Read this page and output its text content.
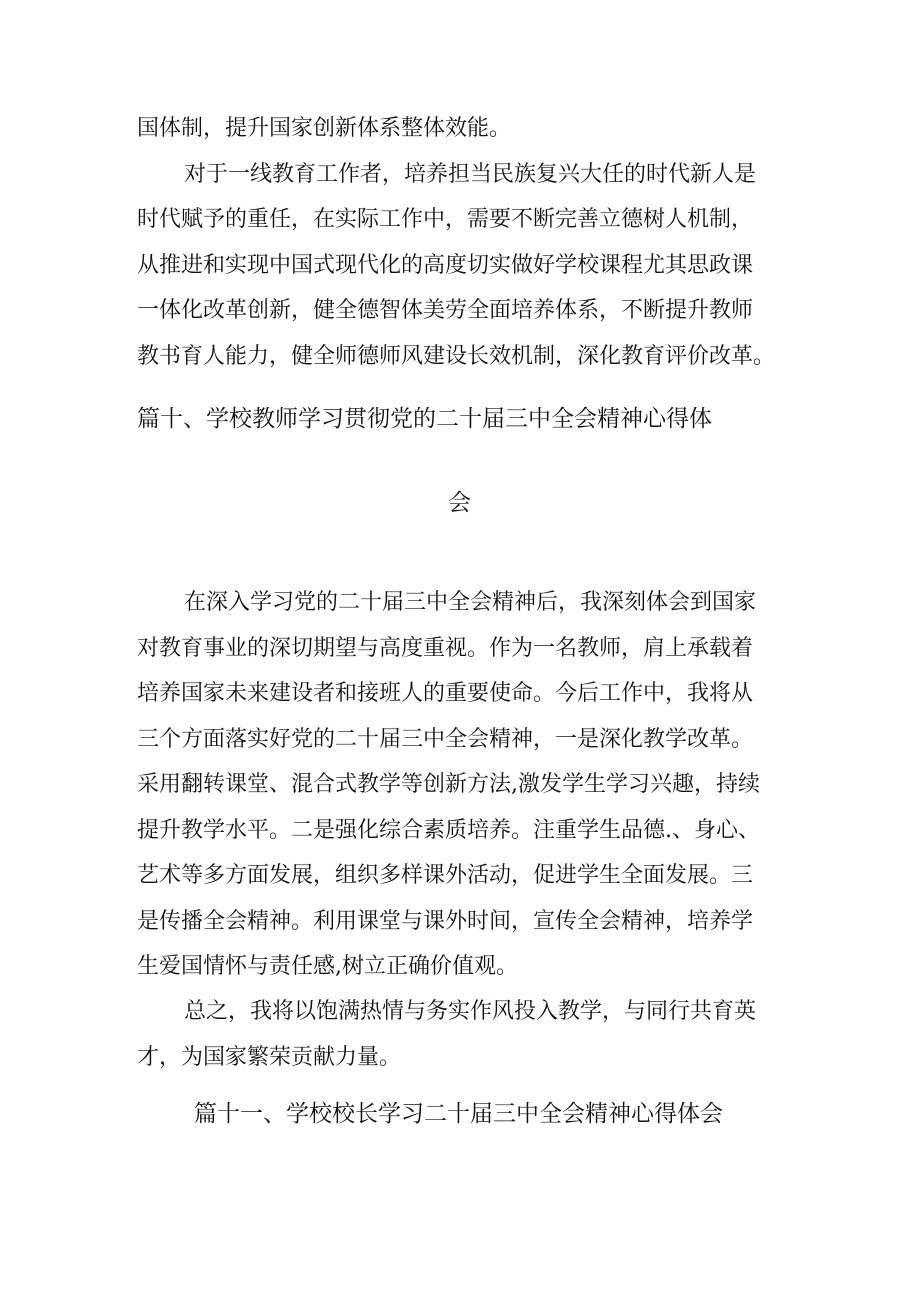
国体制，提升国家创新体系整体效能。
对于一线教育工作者，培养担当民族复兴大任的时代新人是
时代赋予的重任，在实际工作中，需要不断完善立德树人机制，
从推进和实现中国式现代化的高度切实做好学校课程尤其思政课
一体化改革创新，健全德智体美劳全面培养体系，不断提升教师
教书育人能力，健全师德师风建设长效机制，深化教育评价改革。
篇十、学校教师学习贯彻党的二十届三中全会精神心得体
会
在深入学习党的二十届三中全会精神后，我深刻体会到国家
对教育事业的深切期望与高度重视。作为一名教师，肩上承载着
培养国家未来建设者和接班人的重要使命。今后工作中，我将从
三个方面落实好党的二十届三中全会精神，一是深化教学改革。
采用翻转课堂、混合式教学等创新方法,激发学生学习兴趣，持续
提升教学水平。二是强化综合素质培养。注重学生品德.、身心、
艺术等多方面发展，组织多样课外活动，促进学生全面发展。三
是传播全会精神。利用课堂与课外时间，宣传全会精神，培养学
生爱国情怀与责任感,树立正确价值观。
总之，我将以饱满热情与务实作风投入教学，与同行共育英
才，为国家繁荣贡献力量。
篇十一、学校校长学习二十届三中全会精神心得体会
